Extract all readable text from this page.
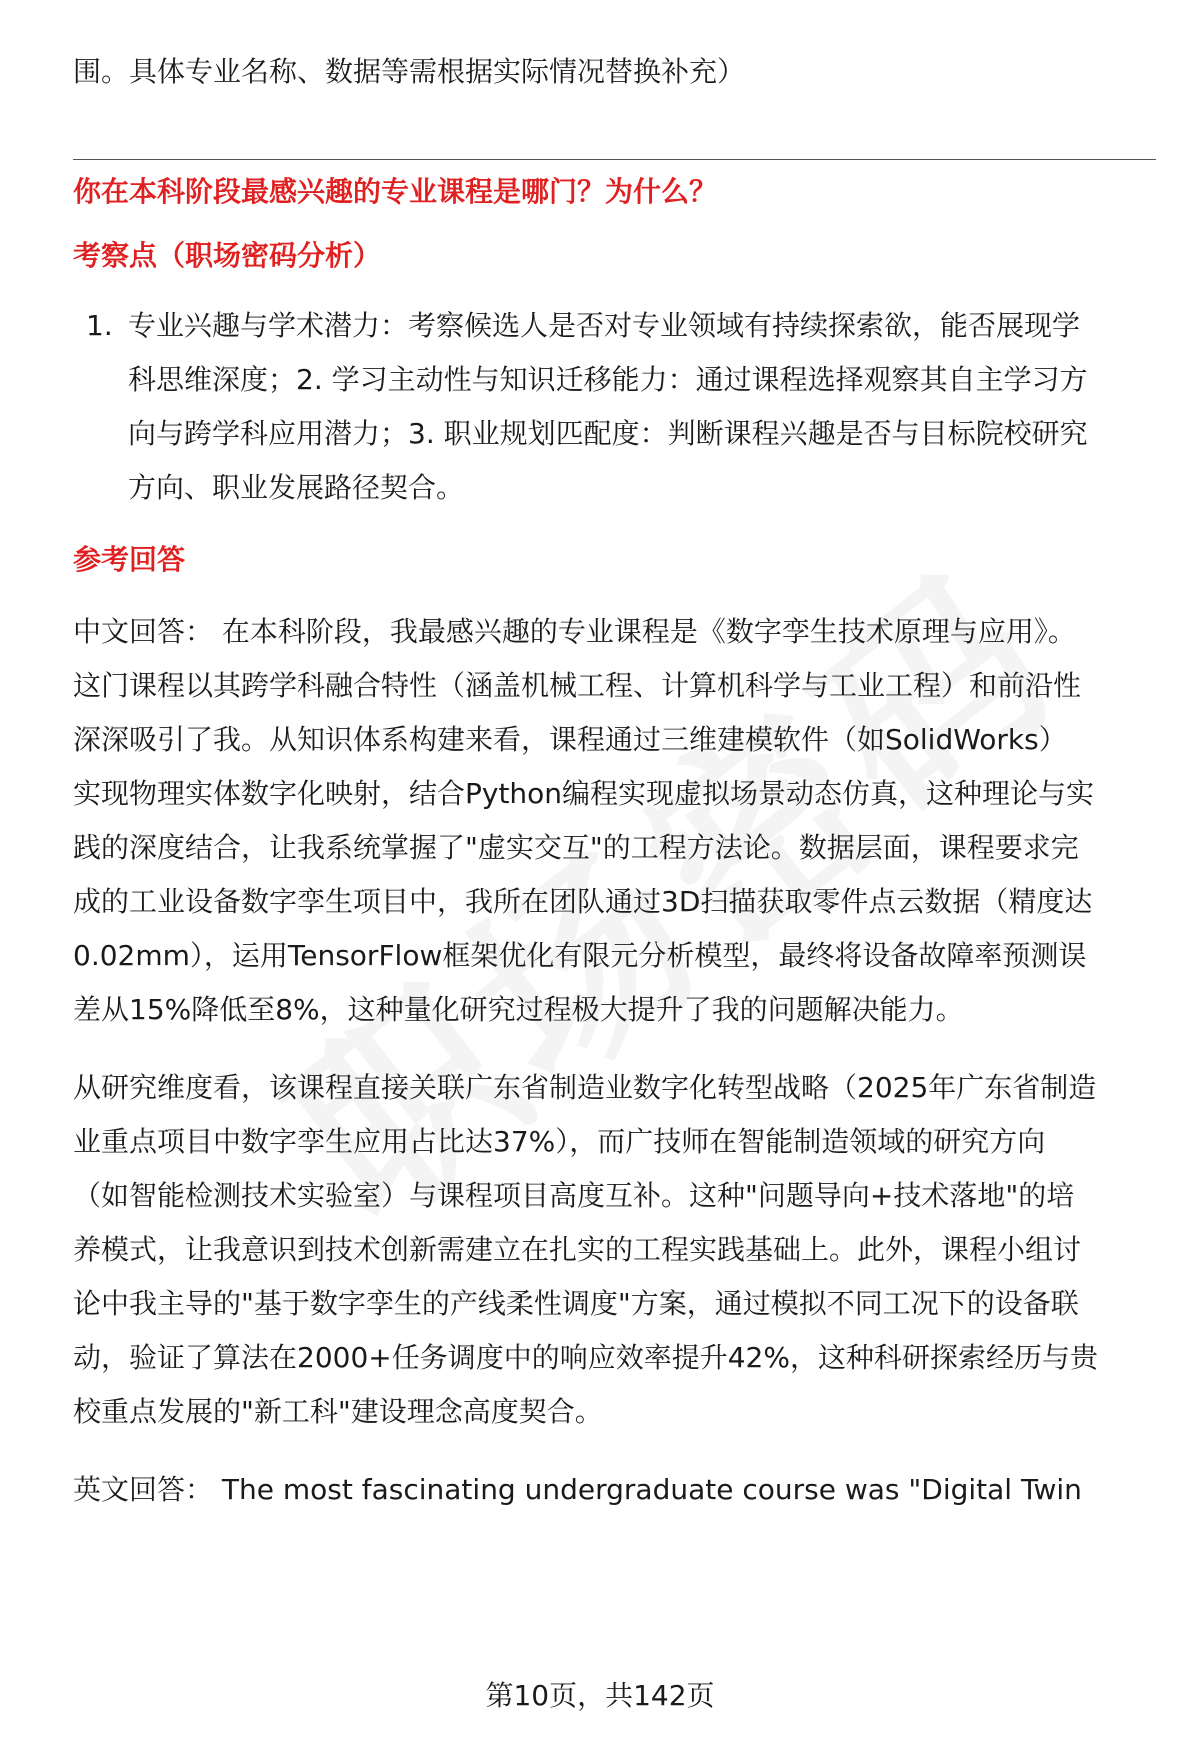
围。具体专业名称、数据等需根据实际情况替换补充）
你在本科阶段最感兴趣的专业课程是哪门？为什么？
考察点（职场密码分析）
1. 专业兴趣与学术潜力：考察候选人是否对专业领域有持续探索欲，能否展现学
科思维深度；2. 学习主动性与知识迁移能力：通过课程选择观察其自主学习方
向与跨学科应用潜力；3. 职业规划匹配度：判断课程兴趣是否与目标院校研究
方向、职业发展路径契合。
参考回答
中文回答： 在本科阶段，我最感兴趣的专业课程是《数字孪生技术原理与应用》。
这门课程以其跨学科融合特性（涵盖机械工程、计算机科学与工业工程）和前沿性
深深吸引了我。从知识体系构建来看，课程通过三维建模软件（如SolidWorks）
实现物理实体数字化映射，结合Python编程实现虚拟场景动态仿真，这种理论与实
践的深度结合，让我系统掌握了"虚实交互"的工程方法论。数据层面，课程要求完
成的工业设备数字孪生项目中，我所在团队通过3D扫描获取零件点云数据（精度达
0.02mm），运用TensorFlow框架优化有限元分析模型，最终将设备故障率预测误
差从15%降低至8%，这种量化研究过程极大提升了我的问题解决能力。
从研究维度看，该课程直接关联广东省制造业数字化转型战略（2025年广东省制造
业重点项目中数字孪生应用占比达37%），而广技师在智能制造领域的研究方向
（如智能检测技术实验室）与课程项目高度互补。这种"问题导向+技术落地"的培
养模式，让我意识到技术创新需建立在扎实的工程实践基础上。此外，课程小组讨
论中我主导的"基于数字孪生的产线柔性调度"方案，通过模拟不同工况下的设备联
动，验证了算法在2000+任务调度中的响应效率提升42%，这种科研探索经历与贵
校重点发展的"新工科"建设理念高度契合。
英文回答： The most fascinating undergraduate course was "Digital Twin
第10页，共142页
